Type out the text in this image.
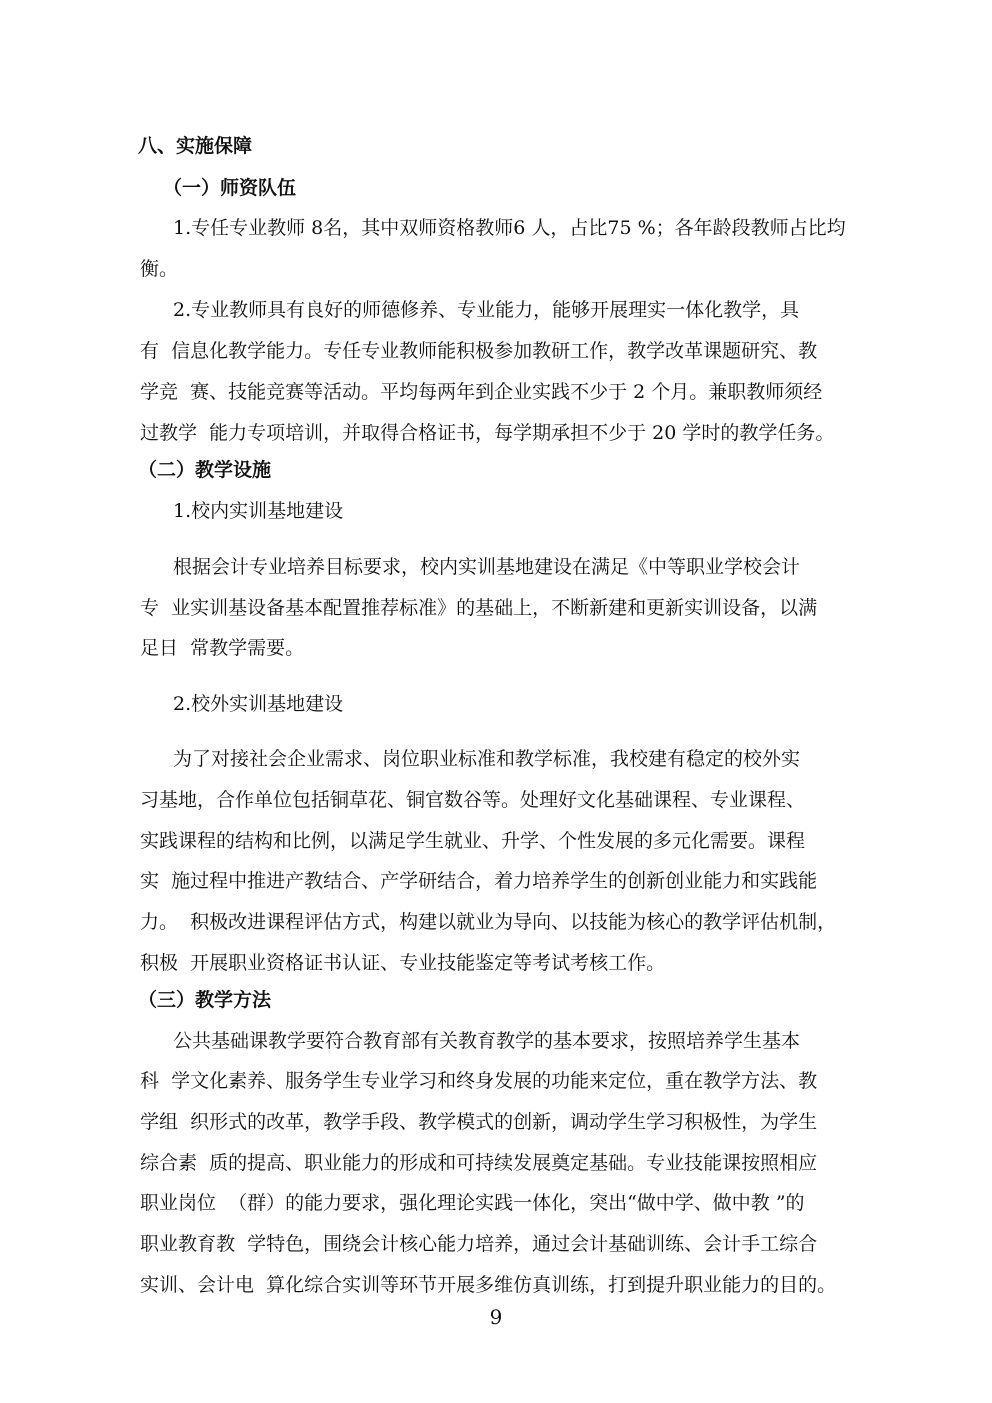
八、实施保障
（一）师资队伍
1.专任专业教师 8名，其中双师资格教师6 人，占比75 %；各年龄段教师占比均
衡。
2.专业教师具有良好的师德修养、专业能力，能够开展理实一体化教学，具
有  信息化教学能力。专任专业教师能积极参加教研工作，教学改革课题研究、教
学竞  赛、技能竞赛等活动。平均每两年到企业实践不少于 2 个月。兼职教师须经
过教学  能力专项培训，并取得合格证书，每学期承担不少于 20 学时的教学任务。
（二）教学设施
1.校内实训基地建设
根据会计专业培养目标要求，校内实训基地建设在满足《中等职业学校会计
专  业实训基设备基本配置推荐标准》的基础上，不断新建和更新实训设备，以满
足日  常教学需要。
2.校外实训基地建设
为了对接社会企业需求、岗位职业标准和教学标准，我校建有稳定的校外实
习基地，合作单位包括铜草花、铜官数谷等。处理好文化基础课程、专业课程、
实践课程的结构和比例，以满足学生就业、升学、个性发展的多元化需要。课程
实  施过程中推进产教结合、产学研结合，着力培养学生的创新创业能力和实践能
力。  积极改进课程评估方式，构建以就业为导向、以技能为核心的教学评估机制，
积极  开展职业资格证书认证、专业技能鉴定等考试考核工作。
（三）教学方法
公共基础课教学要符合教育部有关教育教学的基本要求，按照培养学生基本
科  学文化素养、服务学生专业学习和终身发展的功能来定位，重在教学方法、教
学组  织形式的改革，教学手段、教学模式的创新，调动学生学习积极性，为学生
综合素  质的提高、职业能力的形成和可持续发展奠定基础。专业技能课按照相应
职业岗位  （群）的能力要求，强化理论实践一体化，突出“做中学、做中教 ”的
职业教育教  学特色，围绕会计核心能力培养，通过会计基础训练、会计手工综合
实训、会计电  算化综合实训等环节开展多维仿真训练，打到提升职业能力的目的。
9
